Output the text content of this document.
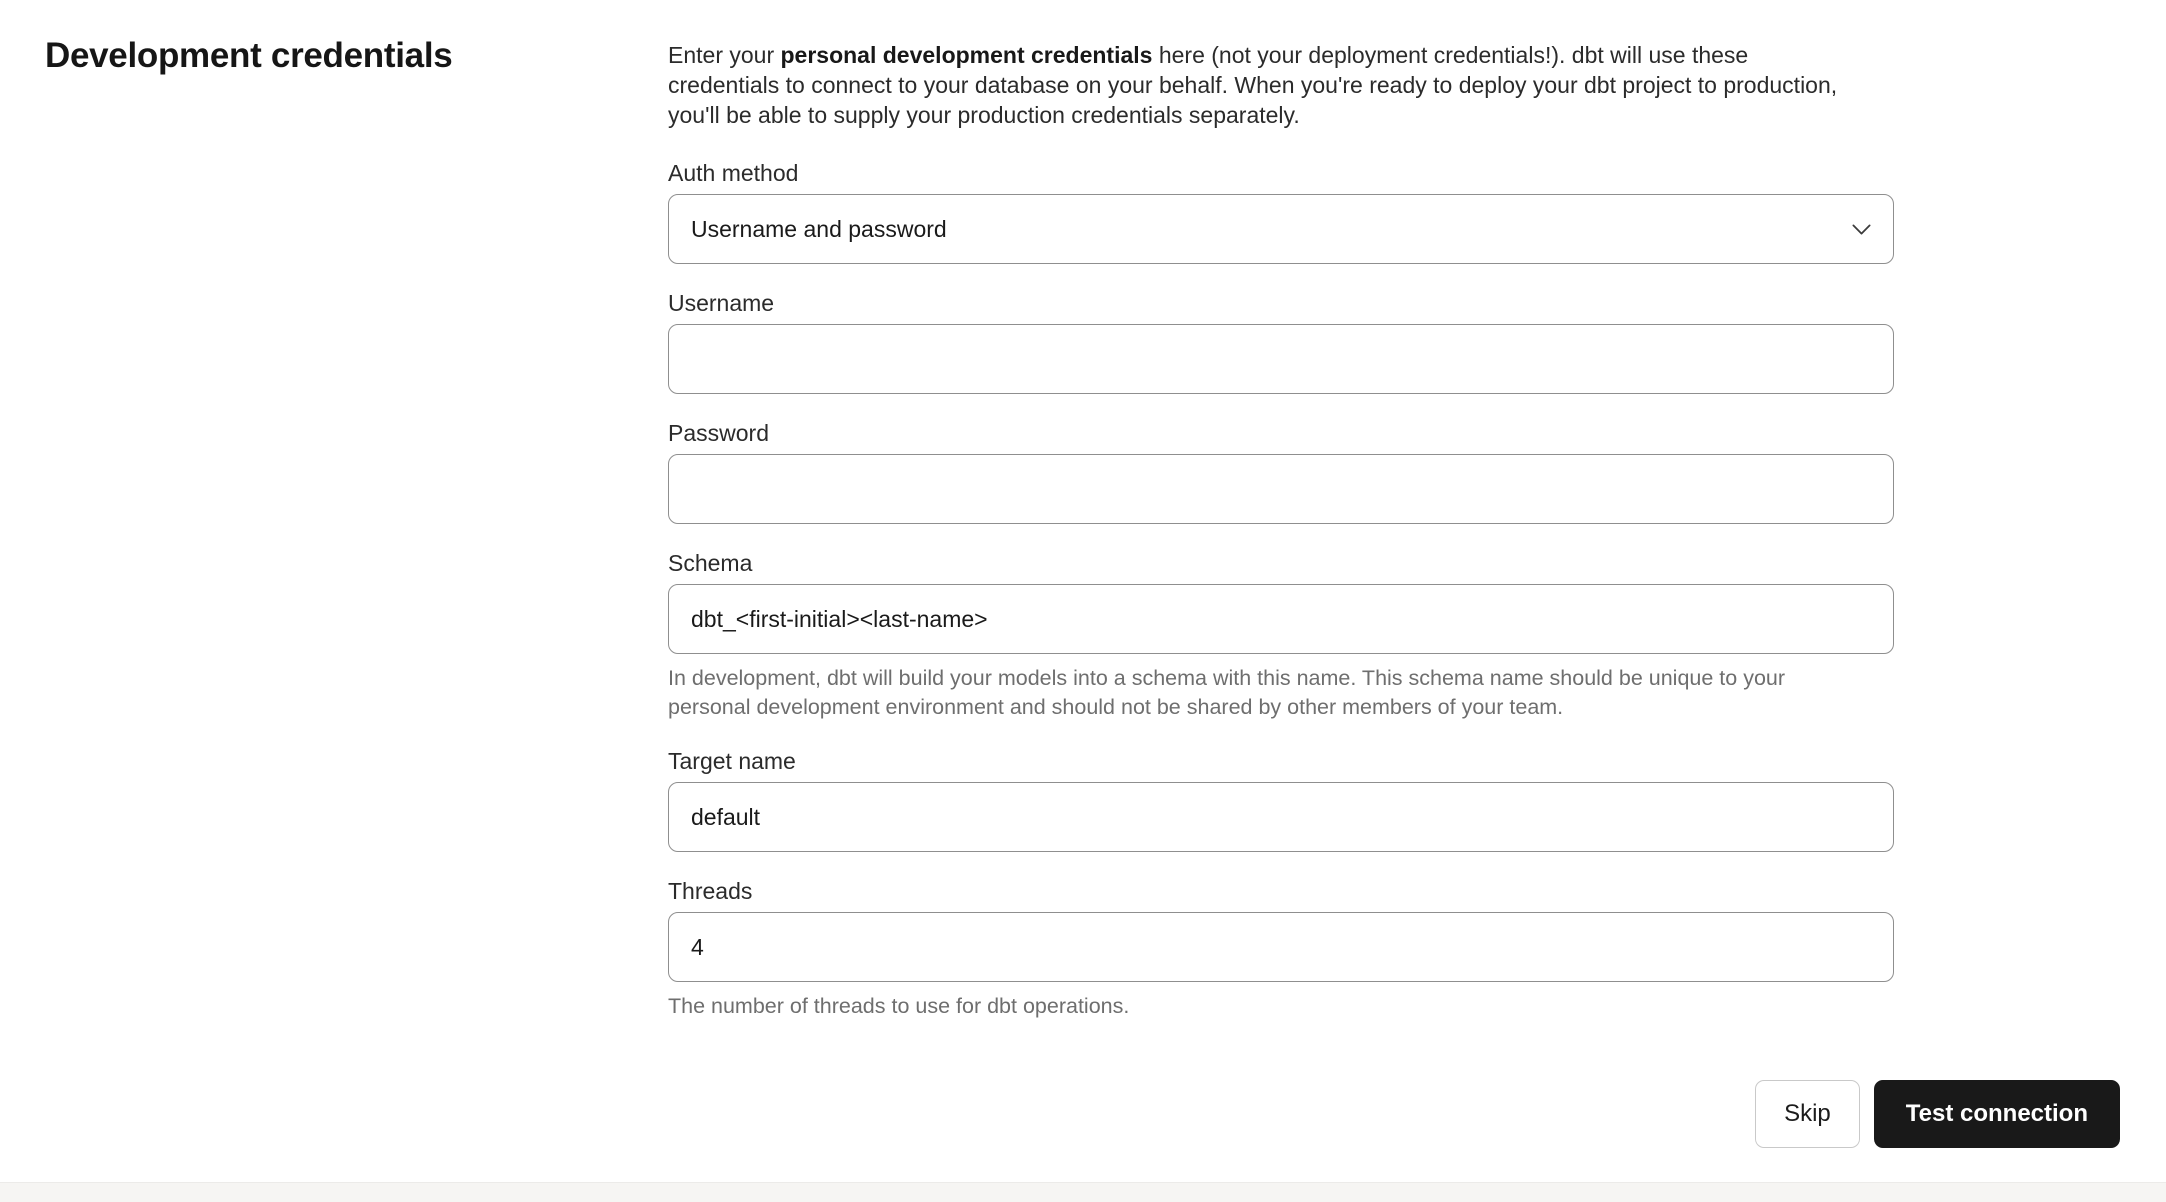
Development credentials	Enter your personal development credentials here (not your deployment credentials!). dbt will use these credentials to connect to your database on your behalf. When you're ready to deploy your dbt project to production, you'll be able to supply your production credentials separately.

Auth method
Username and password
Username
Password
Schema
dbt_<first-initial><last-name>

In development, dbt will build your models into a schema with this name. This schema name should be unique to your personal development environment and should not be shared by other members of your team.

Target name
default
Threads
4

The number of threads to use for dbt operations.

Skip	Test connection
